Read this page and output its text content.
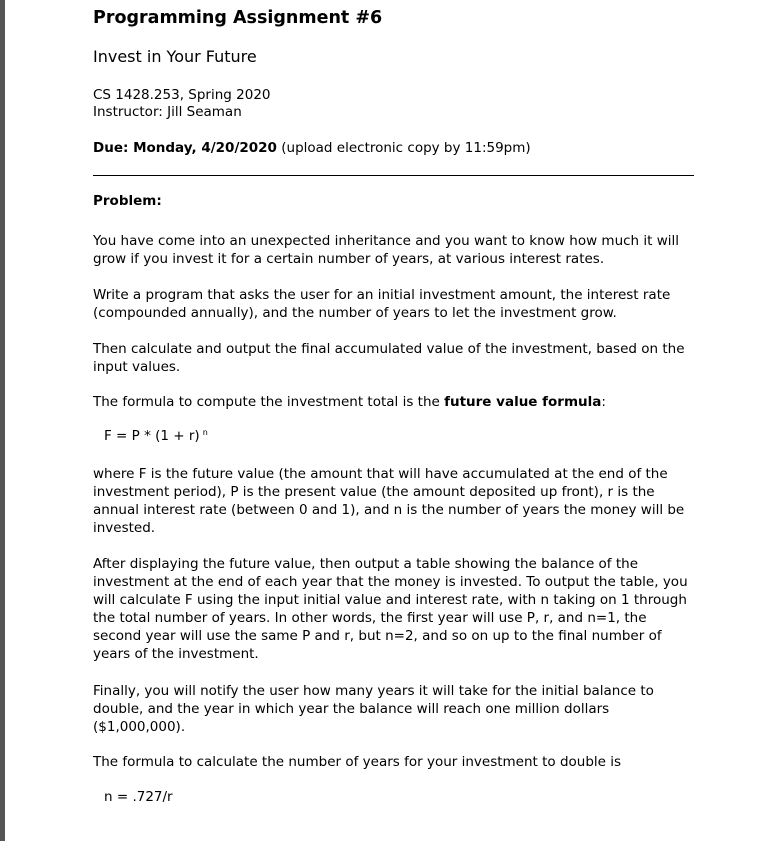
Programming Assignment #6
Invest in Your Future
CS 1428.253, Spring 2020
Instructor: Jill Seaman
Due: Monday, 4/20/2020 (upload electronic copy by 11:59pm)
Problem:

You have come into an unexpected inheritance and you want to know how much it will grow if you invest it for a certain number of years, at various interest rates.

Write a program that asks the user for an initial investment amount, the interest rate (compounded annually), and the number of years to let the investment grow.

Then calculate and output the final accumulated value of the investment, based on the input values.

The formula to compute the investment total is the future value formula:

F = P * (1 + r) $^n$

where F is the future value (the amount that will have accumulated at the end of the investment period), P is the present value (the amount deposited up front), r is the annual interest rate (between 0 and 1), and n is the number of years the money will be invested.

After displaying the future value, then output a table showing the balance of the investment at the end of each year that the money is invested. To output the table, you will calculate F using the input initial value and interest rate, with n taking on 1 through the total number of years. In other words, the first year will use P, r, and n=1, the second year will use the same P and r, but n=2, and so on up to the final number of years of the investment.

Finally, you will notify the user how many years it will take for the initial balance to double, and the year in which year the balance will reach one million dollars ($1,000,000).

The formula to calculate the number of years for your investment to double is

n = .727/r
